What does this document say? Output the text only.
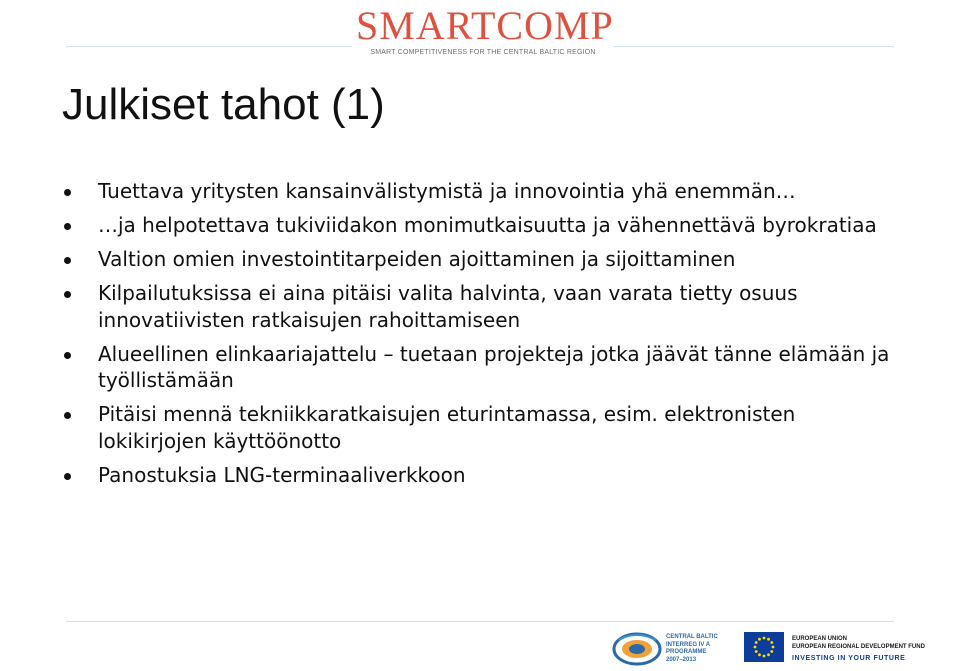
SMARTCOMP
SMART COMPETITIVENESS FOR THE CENTRAL BALTIC REGION
Julkiset tahot (1)
Tuettava yritysten kansainvälistymistä ja innovointia yhä enemmän…
…ja helpotettava tukiviidakon monimutkaisuutta ja vähennettävä byrokratiaa
Valtion omien investointitarpeiden ajoittaminen ja sijoittaminen
Kilpailutuksissa ei aina pitäisi valita halvinta, vaan varata tietty osuus innovatiivisten ratkaisujen rahoittamiseen
Alueellinen elinkaariajattelu – tuetaan projekteja jotka jäävät tänne elämään ja työllistämään
Pitäisi mennä tekniikkaratkaisujen eturintamassa, esim. elektronisten lokikirjojen käyttöönotto
Panostuksia LNG-terminaaliverkkoon
CENTRAL BALTIC
INTERREG IV A
PROGRAMME
2007–2013
EUROPEAN UNION
EUROPEAN REGIONAL DEVELOPMENT FUND
INVESTING IN YOUR FUTURE
